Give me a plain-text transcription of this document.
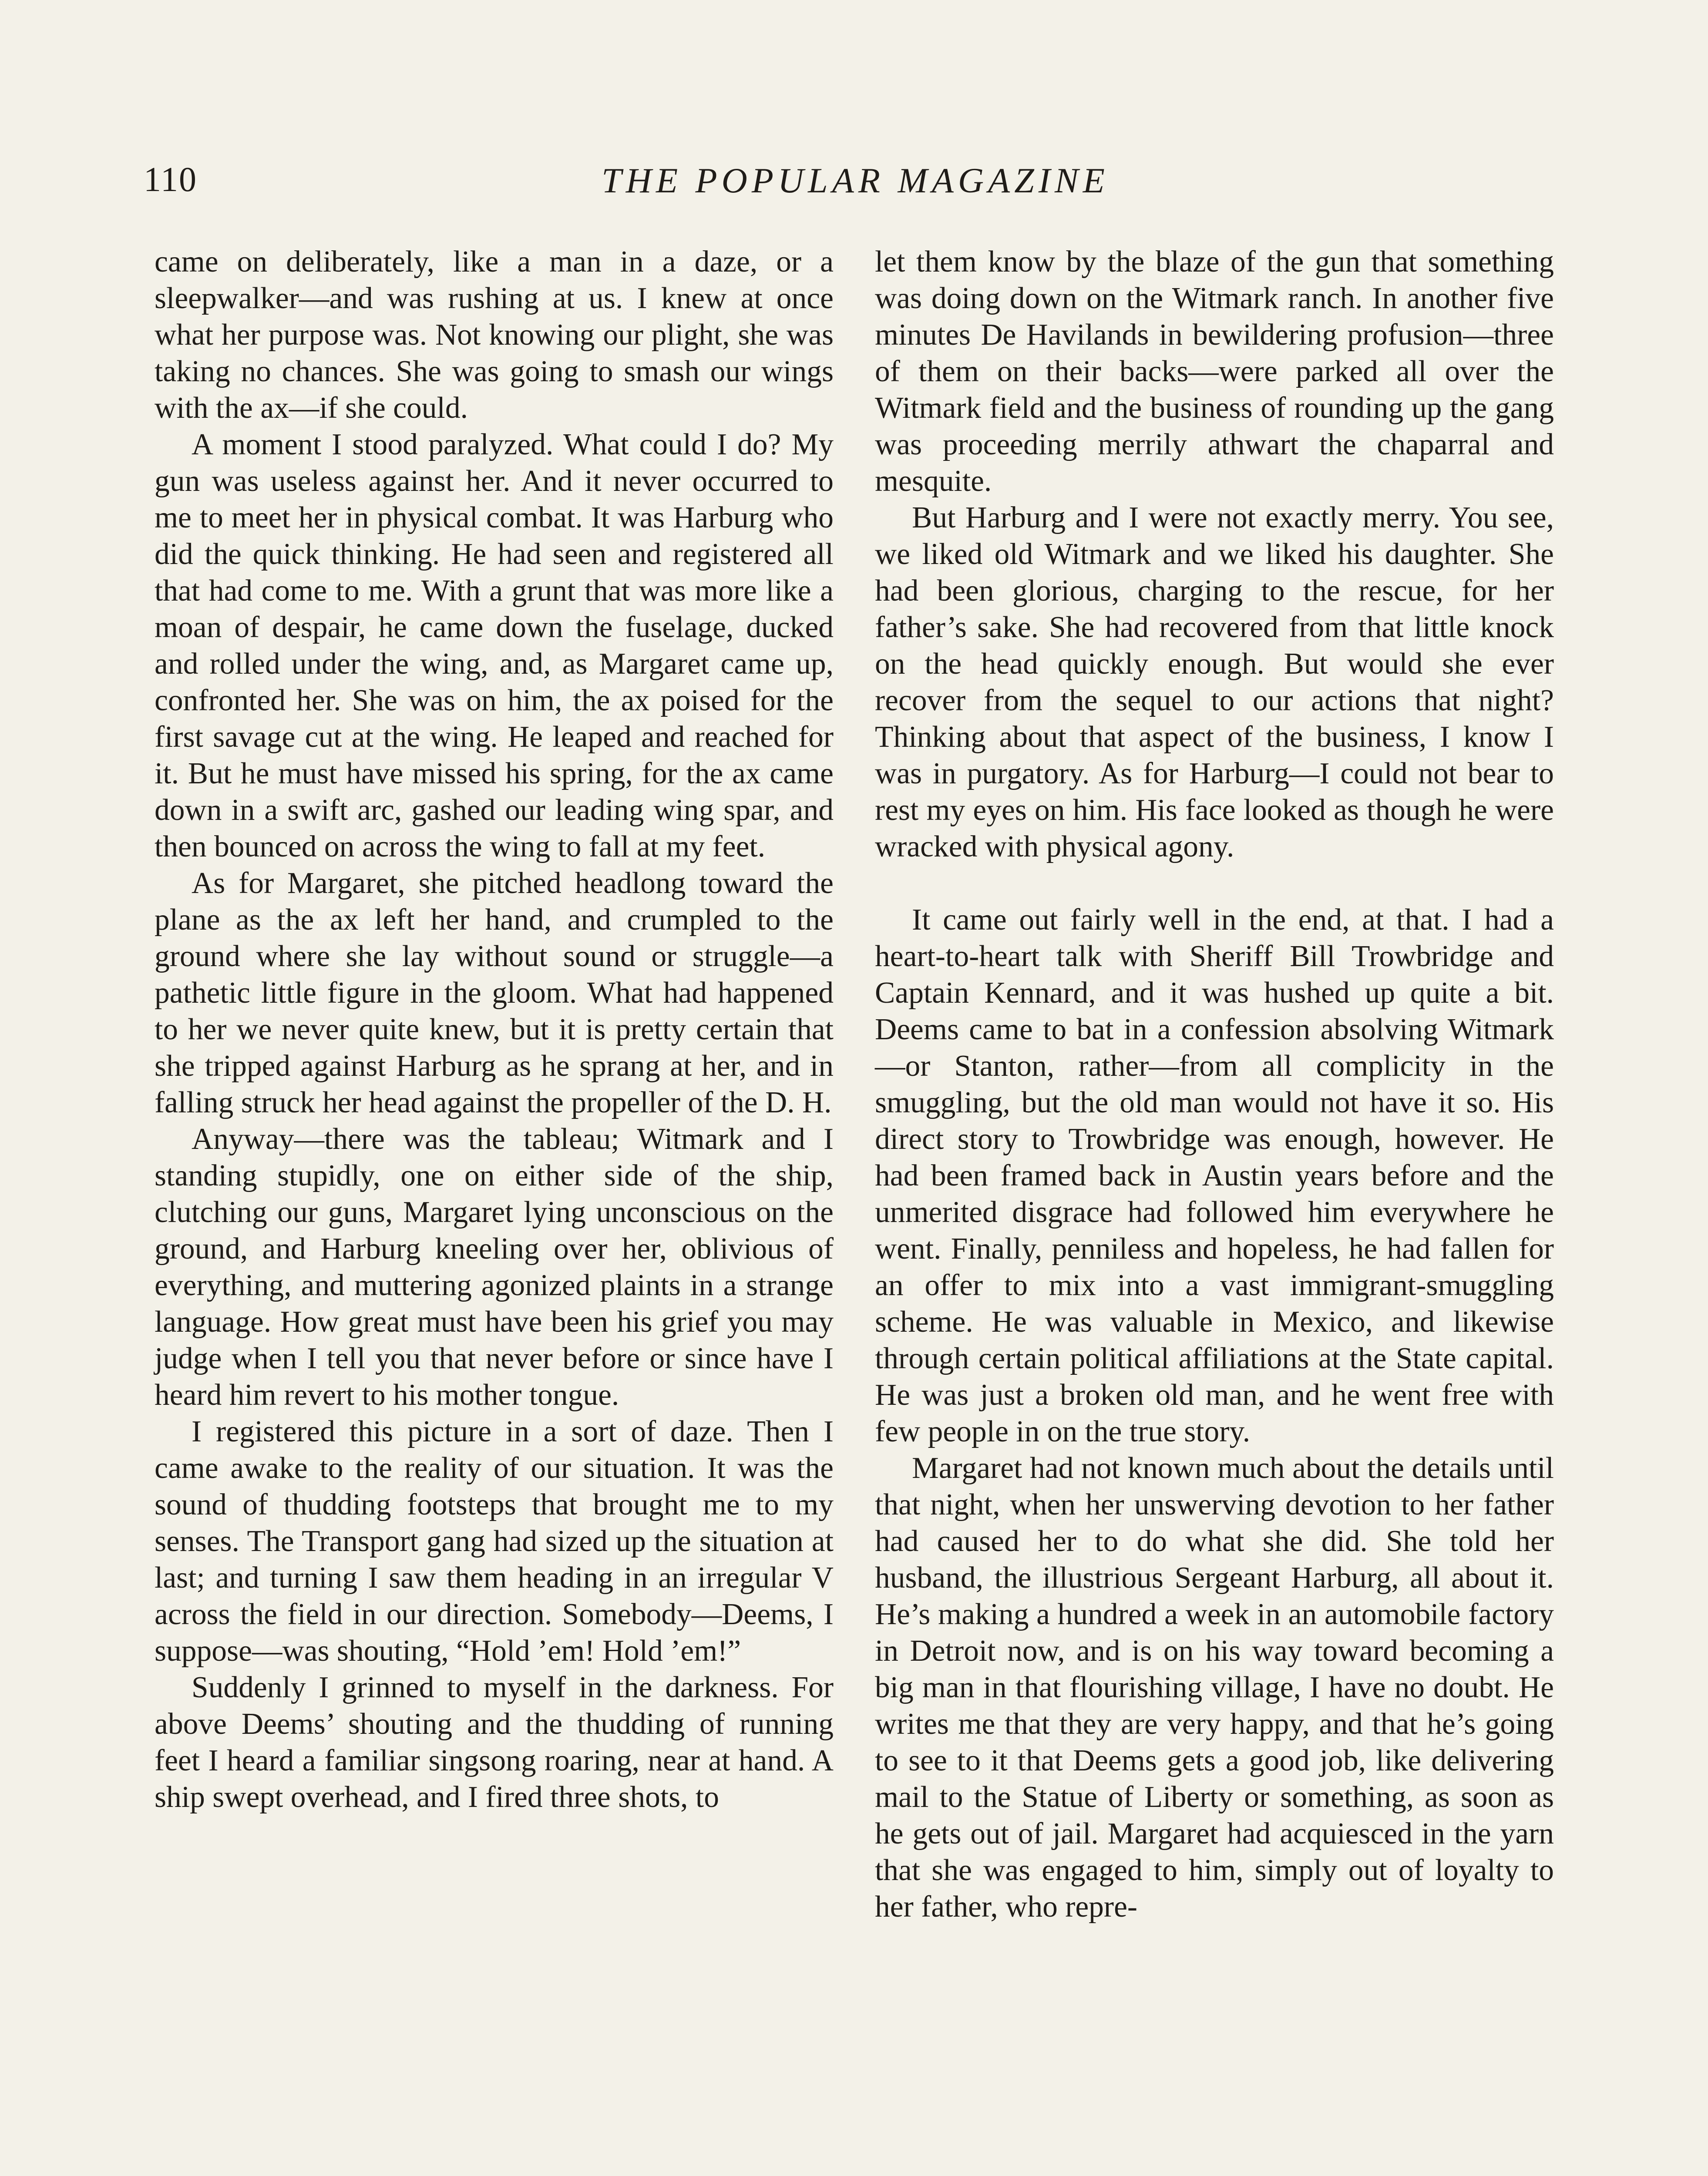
110	THE POPULAR MAGAZINE

came on deliberately, like a man in a daze, or a sleepwalker—and was rushing at us. I knew at once what her purpose was. Not knowing our plight, she was taking no chances. She was going to smash our wings with the ax—if she could.

A moment I stood paralyzed. What could I do? My gun was useless against her. And it never occurred to me to meet her in physical combat. It was Harburg who did the quick thinking. He had seen and registered all that had come to me. With a grunt that was more like a moan of despair, he came down the fuselage, ducked and rolled under the wing, and, as Margaret came up, confronted her. She was on him, the ax poised for the first savage cut at the wing. He leaped and reached for it. But he must have missed his spring, for the ax came down in a swift arc, gashed our leading wing spar, and then bounced on across the wing to fall at my feet.

As for Margaret, she pitched headlong toward the plane as the ax left her hand, and crumpled to the ground where she lay without sound or struggle—a pathetic little figure in the gloom. What had happened to her we never quite knew, but it is pretty certain that she tripped against Harburg as he sprang at her, and in falling struck her head against the propeller of the D. H.

Anyway—there was the tableau; Witmark and I standing stupidly, one on either side of the ship, clutching our guns, Margaret lying unconscious on the ground, and Harburg kneeling over her, oblivious of everything, and muttering agonized plaints in a strange language. How great must have been his grief you may judge when I tell you that never before or since have I heard him revert to his mother tongue.

I registered this picture in a sort of daze. Then I came awake to the reality of our situation. It was the sound of thudding footsteps that brought me to my senses. The Transport gang had sized up the situation at last; and turning I saw them heading in an irregular V across the field in our direction. Somebody—Deems, I suppose—was shouting, “Hold ’em! Hold ’em!”

Suddenly I grinned to myself in the darkness. For above Deems’ shouting and the thudding of running feet I heard a familiar singsong roaring, near at hand. A ship swept overhead, and I fired three shots, to

let them know by the blaze of the gun that something was doing down on the Witmark ranch. In another five minutes De Havilands in bewildering profusion—three of them on their backs—were parked all over the Witmark field and the business of rounding up the gang was proceeding merrily athwart the chaparral and mesquite.

But Harburg and I were not exactly merry. You see, we liked old Witmark and we liked his daughter. She had been glorious, charging to the rescue, for her father’s sake. She had recovered from that little knock on the head quickly enough. But would she ever recover from the sequel to our actions that night? Thinking about that aspect of the business, I know I was in purgatory. As for Harburg—I could not bear to rest my eyes on him. His face looked as though he were wracked with physical agony.

It came out fairly well in the end, at that. I had a heart-to-heart talk with Sheriff Bill Trowbridge and Captain Kennard, and it was hushed up quite a bit. Deems came to bat in a confession absolving Witmark—or Stanton, rather—from all complicity in the smuggling, but the old man would not have it so. His direct story to Trowbridge was enough, however. He had been framed back in Austin years before and the unmerited disgrace had followed him everywhere he went. Finally, penniless and hopeless, he had fallen for an offer to mix into a vast immigrant-smuggling scheme. He was valuable in Mexico, and likewise through certain political affiliations at the State capital. He was just a broken old man, and he went free with few people in on the true story.

Margaret had not known much about the details until that night, when her unswerving devotion to her father had caused her to do what she did. She told her husband, the illustrious Sergeant Harburg, all about it. He’s making a hundred a week in an automobile factory in Detroit now, and is on his way toward becoming a big man in that flourishing village, I have no doubt. He writes me that they are very happy, and that he’s going to see to it that Deems gets a good job, like delivering mail to the Statue of Liberty or something, as soon as he gets out of jail. Margaret had acquiesced in the yarn that she was engaged to him, simply out of loyalty to her father, who repre-
